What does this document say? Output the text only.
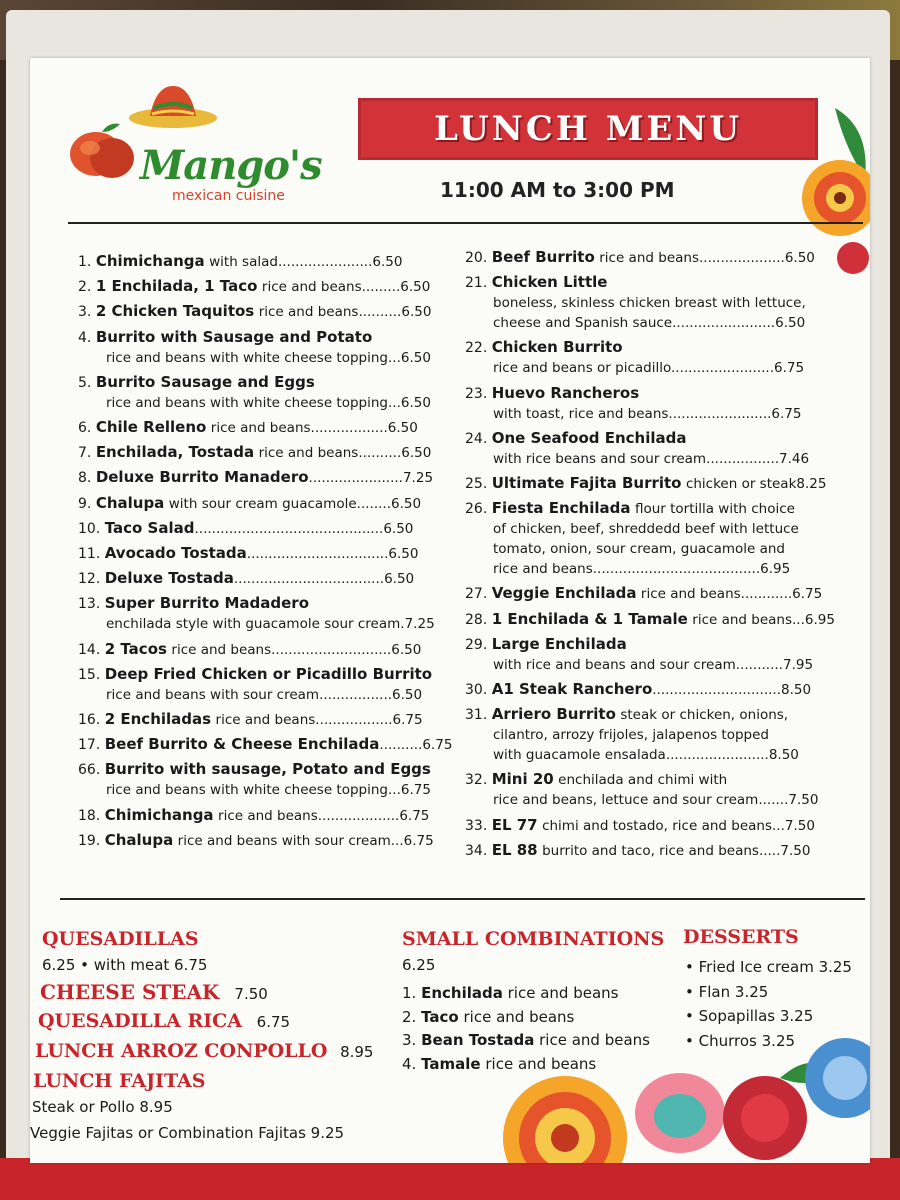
Mango's
mexican cuisine
LUNCH MENU
11:00 AM to 3:00 PM
1. Chimichanga with salad......................6.50
2. 1 Enchilada, 1 Taco rice and beans.........6.50
3. 2 Chicken Taquitos rice and beans..........6.50
4. Burrito with Sausage and Potato
rice and beans with white cheese topping...6.50
5. Burrito Sausage and Eggs
rice and beans with white cheese topping...6.50
6. Chile Relleno rice and beans..................6.50
7. Enchilada, Tostada rice and beans..........6.50
8. Deluxe Burrito Manadero......................7.25
9. Chalupa with sour cream guacamole........6.50
10. Taco Salad............................................6.50
11. Avocado Tostada.................................6.50
12. Deluxe Tostada...................................6.50
13. Super Burrito Madadero
enchilada style with guacamole sour cream.7.25
14. 2 Tacos rice and beans............................6.50
15. Deep Fried Chicken or Picadillo Burrito
rice and beans with sour cream.................6.50
16. 2 Enchiladas rice and beans..................6.75
17. Beef Burrito & Cheese Enchilada..........6.75
66. Burrito with sausage, Potato and Eggs
rice and beans with white cheese topping...6.75
18. Chimichanga rice and beans...................6.75
19. Chalupa rice and beans with sour cream...6.75
20. Beef Burrito rice and beans....................6.50
21. Chicken Little
boneless, skinless chicken breast with lettuce,
cheese and Spanish sauce........................6.50
22. Chicken Burrito
rice and beans or picadillo........................6.75
23. Huevo Rancheros
with toast, rice and beans........................6.75
24. One Seafood Enchilada
with rice beans and sour cream.................7.46
25. Ultimate Fajita Burrito chicken or steak8.25
26. Fiesta Enchilada flour tortilla with choice
of chicken, beef, shreddedd beef with lettuce
tomato, onion, sour cream, guacamole and
rice and beans.......................................6.95
27. Veggie Enchilada rice and beans............6.75
28. 1 Enchilada & 1 Tamale rice and beans...6.95
29. Large Enchilada
with rice and beans and sour cream...........7.95
30. A1 Steak Ranchero..............................8.50
31. Arriero Burrito steak or chicken, onions,
cilantro, arrozy frijoles, jalapenos topped
with guacamole ensalada........................8.50
32. Mini 20 enchilada and chimi with
rice and beans, lettuce and sour cream.......7.50
33. EL 77 chimi and tostado, rice and beans...7.50
34. EL 88 burrito and taco, rice and beans.....7.50
QUESADILLAS
6.25 • with meat 6.75
CHEESE STEAK 7.50
QUESADILLA RICA 6.75
LUNCH ARROZ CONPOLLO 8.95
LUNCH FAJITAS
Steak or Pollo 8.95
Veggie Fajitas or Combination Fajitas 9.25
SMALL COMBINATIONS
6.25
1. Enchilada rice and beans
2. Taco rice and beans
3. Bean Tostada rice and beans
4. Tamale rice and beans
DESSERTS
• Fried Ice cream 3.25
• Flan 3.25
• Sopapillas 3.25
• Churros 3.25
